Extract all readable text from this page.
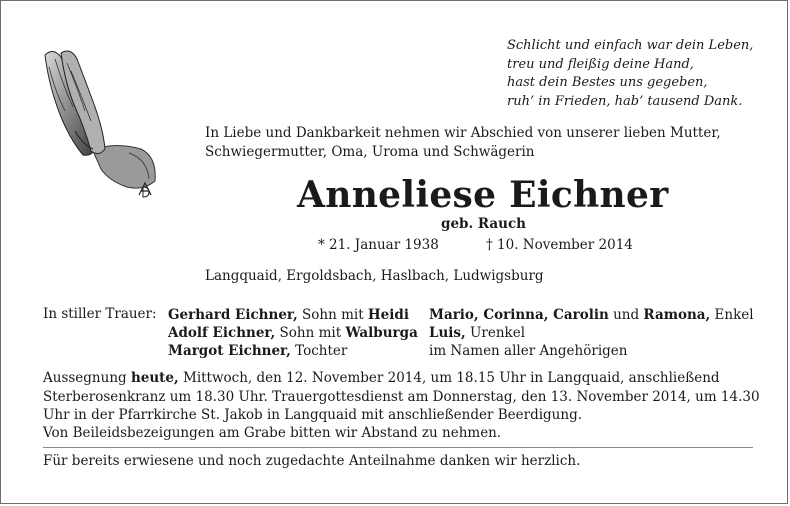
Schlicht und einfach war dein Leben,
treu und fleißig deine Hand,
hast dein Bestes uns gegeben,
ruh’ in Frieden, hab’ tausend Dank.
In Liebe und Dankbarkeit nehmen wir Abschied von unserer lieben Mutter,
Schwiegermutter, Oma, Uroma und Schwägerin
Anneliese Eichner
geb. Rauch
* 21. Januar 1938	† 10. November 2014
Langquaid, Ergoldsbach, Haslbach, Ludwigsburg
In stiller Trauer: Gerhard Eichner, Sohn mit Heidi
Adolf Eichner, Sohn mit Walburga
Margot Eichner, Tochter
Mario, Corinna, Carolin und Ramona, Enkel
Luis, Urenkel
im Namen aller Angehörigen
Aussegnung heute, Mittwoch, den 12. November 2014, um 18.15 Uhr in Langquaid, anschließend
Sterberosenkranz um 18.30 Uhr. Trauergottesdienst am Donnerstag, den 13. November 2014, um 14.30
Uhr in der Pfarrkirche St. Jakob in Langquaid mit anschließender Beerdigung.
Von Beileidsbezeigungen am Grabe bitten wir Abstand zu nehmen.
Für bereits erwiesene und noch zugedachte Anteilnahme danken wir herzlich.
